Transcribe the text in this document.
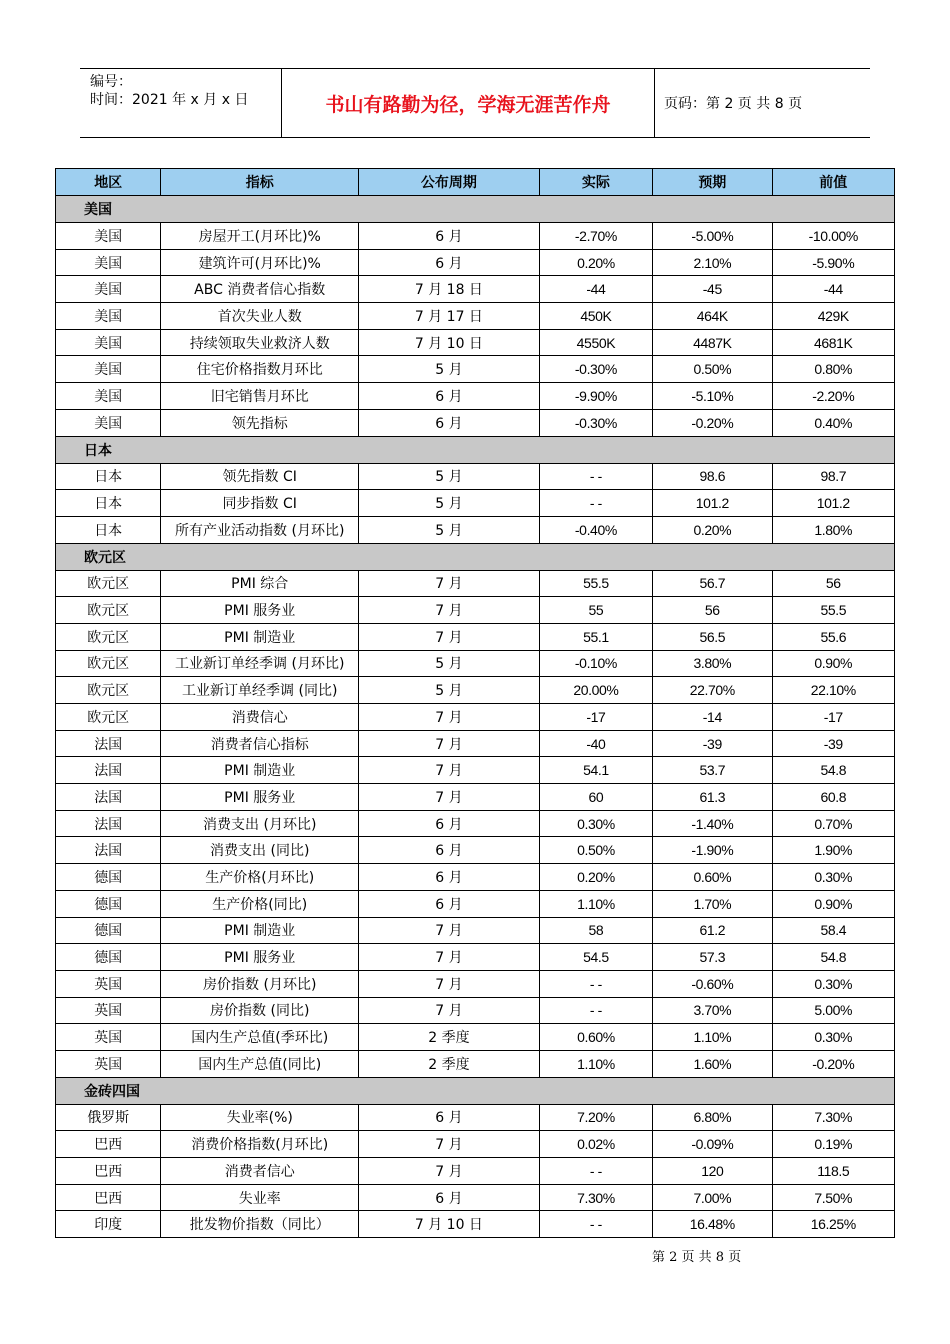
编号：
时间：2021 年 x 月 x 日	书山有路勤为径，学海无涯苦作舟	页码：第 2 页 共 8 页
地区	指标	公布周期	实际	预期	前值
美国					
美国	房屋开工(月环比)%	6 月	-2.70%	-5.00%	-10.00%
美国	建筑许可(月环比)%	6 月	0.20%	2.10%	-5.90%
美国	ABC 消费者信心指数	7 月 18 日	-44	-45	-44
美国	首次失业人数	7 月 17 日	450K	464K	429K
美国	持续领取失业救济人数	7 月 10 日	4550K	4487K	4681K
美国	住宅价格指数月环比	5 月	-0.30%	0.50%	0.80%
美国	旧宅销售月环比	6 月	-9.90%	-5.10%	-2.20%
美国	领先指标	6 月	-0.30%	-0.20%	0.40%
日本					
日本	领先指数 CI	5 月	- -	98.6	98.7
日本	同步指数 CI	5 月	- -	101.2	101.2
日本	所有产业活动指数 (月环比)	5 月	-0.40%	0.20%	1.80%
欧元区					
欧元区	PMI 综合	7 月	55.5	56.7	56
欧元区	PMI 服务业	7 月	55	56	55.5
欧元区	PMI 制造业	7 月	55.1	56.5	55.6
欧元区	工业新订单经季调 (月环比)	5 月	-0.10%	3.80%	0.90%
欧元区	工业新订单经季调 (同比)	5 月	20.00%	22.70%	22.10%
欧元区	消费信心	7 月	-17	-14	-17
法国	消费者信心指标	7 月	-40	-39	-39
法国	PMI 制造业	7 月	54.1	53.7	54.8
法国	PMI 服务业	7 月	60	61.3	60.8
法国	消费支出 (月环比)	6 月	0.30%	-1.40%	0.70%
法国	消费支出 (同比)	6 月	0.50%	-1.90%	1.90%
德国	生产价格(月环比)	6 月	0.20%	0.60%	0.30%
德国	生产价格(同比)	6 月	1.10%	1.70%	0.90%
德国	PMI 制造业	7 月	58	61.2	58.4
德国	PMI 服务业	7 月	54.5	57.3	54.8
英国	房价指数 (月环比)	7 月	- -	-0.60%	0.30%
英国	房价指数 (同比)	7 月	- -	3.70%	5.00%
英国	国内生产总值(季环比)	2 季度	0.60%	1.10%	0.30%
英国	国内生产总值(同比)	2 季度	1.10%	1.60%	-0.20%
金砖四国					
俄罗斯	失业率(%)	6 月	7.20%	6.80%	7.30%
巴西	消费价格指数(月环比)	7 月	0.02%	-0.09%	0.19%
巴西	消费者信心	7 月	- -	120	118.5
巴西	失业率	6 月	7.30%	7.00%	7.50%
印度	批发物价指数（同比）	7 月 10 日	- -	16.48%	16.25%
第 2 页 共 8 页
